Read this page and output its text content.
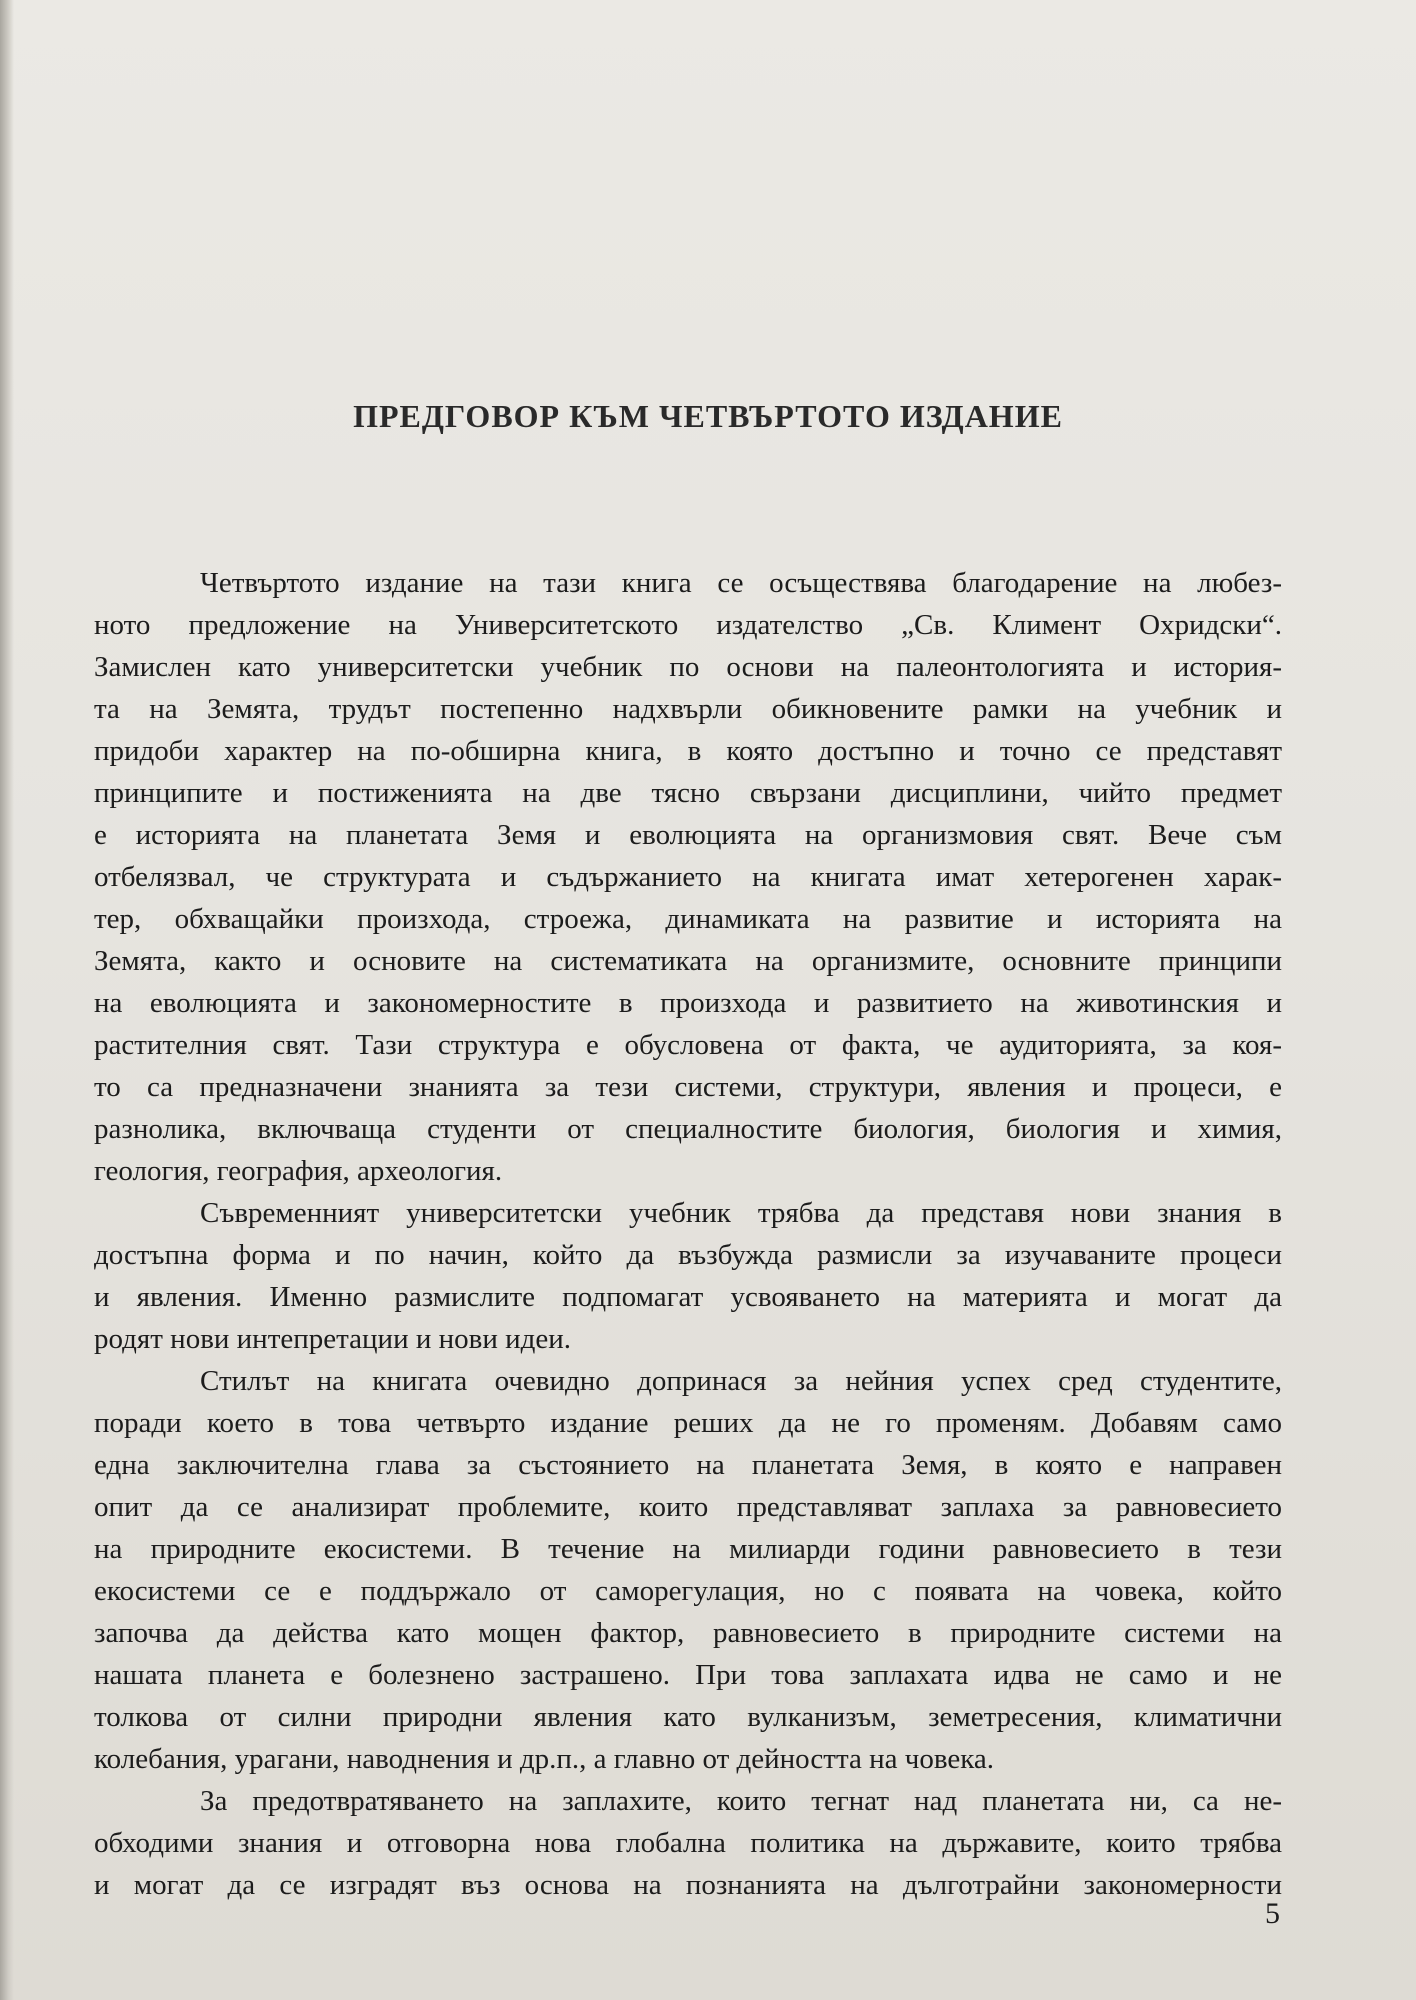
ПРЕДГОВОР КЪМ ЧЕТВЪРТОТО ИЗДАНИЕ
Четвъртото издание на тази книга се осъществява благодарение на любез-
ното предложение на Университетското издателство „Св. Климент Охридски“.
Замислен като университетски учебник по основи на палеонтологията и история-
та на Земята, трудът постепенно надхвърли обикновените рамки на учебник и
придоби характер на по-обширна книга, в която достъпно и точно се представят
принципите и постиженията на две тясно свързани дисциплини, чийто предмет
е историята на планетата Земя и еволюцията на организмовия свят. Вече съм
отбелязвал, че структурата и съдържанието на книгата имат хетерогенен харак-
тер, обхващайки произхода, строежа, динамиката на развитие и историята на
Земята, както и основите на систематиката на организмите, основните принципи
на еволюцията и закономерностите в произхода и развитието на животинския и
растителния свят. Тази структура е обусловена от факта, че аудиторията, за коя-
то са предназначени знанията за тези системи, структури, явления и процеси, е
разнолика, включваща студенти от специалностите биология, биология и химия,
геология, география, археология.
Съвременният университетски учебник трябва да представя нови знания в
достъпна форма и по начин, който да възбужда размисли за изучаваните процеси
и явления. Именно размислите подпомагат усвояването на материята и могат да
родят нови интепретации и нови идеи.
Стилът на книгата очевидно допринася за нейния успех сред студентите,
поради което в това четвърто издание реших да не го променям. Добавям само
една заключителна глава за състоянието на планетата Земя, в която е направен
опит да се анализират проблемите, които представляват заплаха за равновесието
на природните екосистеми. В течение на милиарди години равновесието в тези
екосистеми се е поддържало от саморегулация, но с появата на човека, който
започва да действа като мощен фактор, равновесието в природните системи на
нашата планета е болезнено застрашено. При това заплахата идва не само и не
толкова от силни природни явления като вулканизъм, земетресения, климатични
колебания, урагани, наводнения и др.п., а главно от дейността на човека.
За предотвратяването на заплахите, които тегнат над планетата ни, са не-
обходими знания и отговорна нова глобална политика на държавите, които трябва
и могат да се изградят въз основа на познанията на дълготрайни закономерности
5
